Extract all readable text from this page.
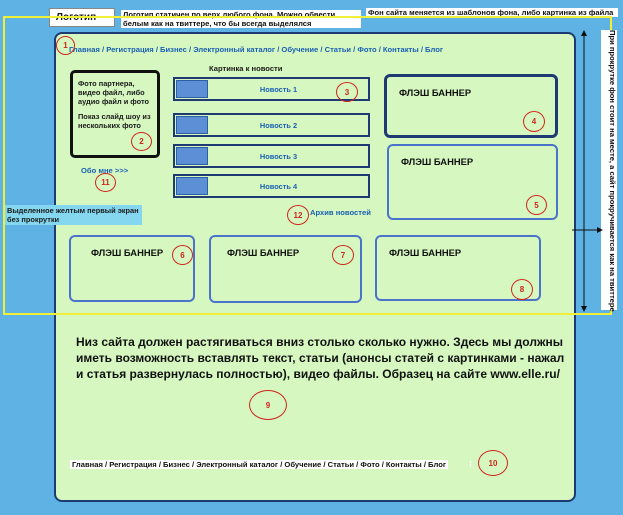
Логотип	Логотип статичен по верх любого фона. Можно обвести белым как на твиттере, что бы всегда выделялся
Фон сайта меняется из шаблонов фона, либо картинка из файла
Главная / Регистрация / Бизнес / Электронный каталог / Обучение / Статьи / Фото / Контакты / Блог

Фото партнера, видео файл, либо аудио файл и фото

Показ слайд шоу из нескольких фото

Обо мне >>>
Картинка к новости
Новость 1
Новость 2
Новость 3
Новость 4
Архив новостей
ФЛЭШ БАННЕР
ФЛЭШ БАННЕР
ФЛЭШ БАННЕР	ФЛЭШ БАННЕР	ФЛЭШ БАННЕР
Выделенное желтым первый экран без прокрутки
Низ сайта должен растягиваться вниз столько сколько нужно. Здесь мы должны иметь возможность вставлять текст, статьи (анонсы статей с картинками - нажал и статья развернулась полностью), видео файлы. Образец на сайте www.elle.ru/
Главная / Регистрация / Бизнес / Электронный каталог / Обучение / Статьи / Фото / Контакты / Блог	⁞
При прокрутке фон стоит на месте, а сайт прокручивается как на твиттере
1
2
3
4
5
6	7
8
9
10
11
12
